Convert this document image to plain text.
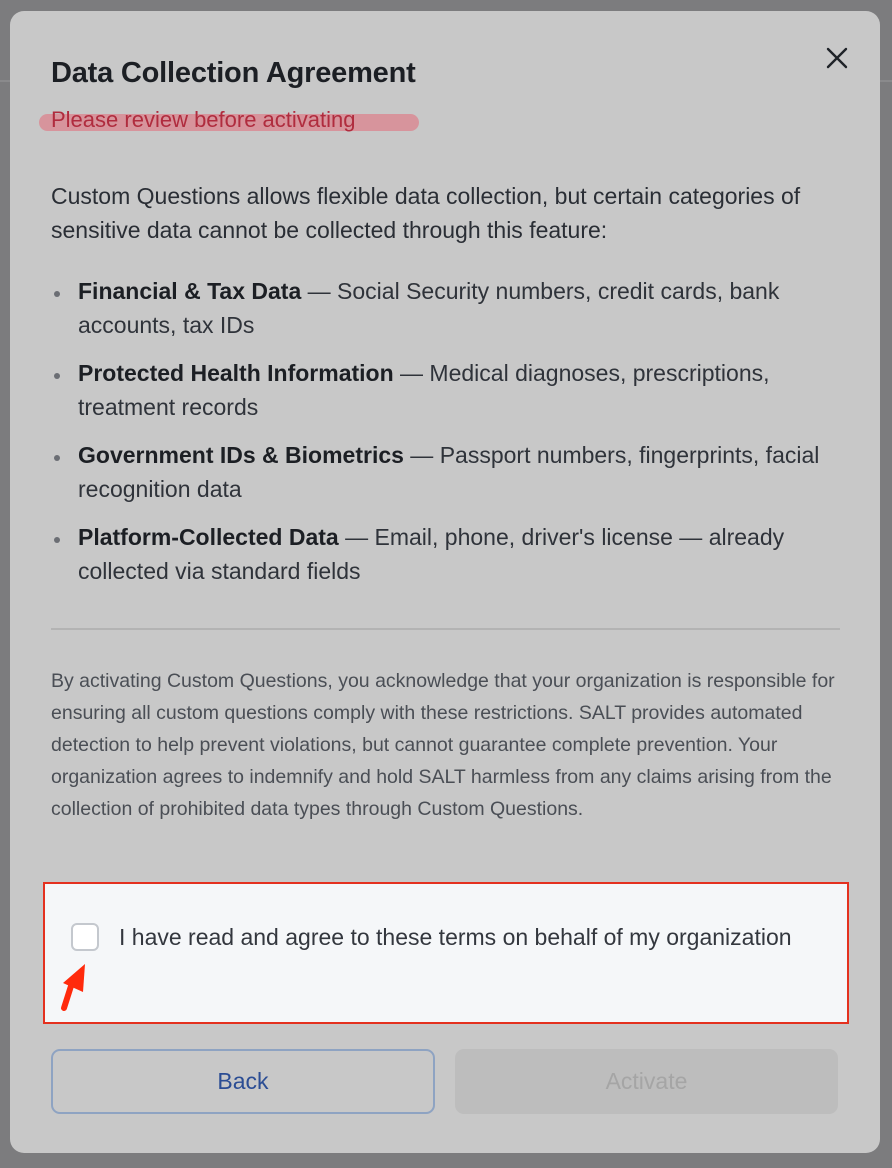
Data Collection Agreement
Please review before activating

Custom Questions allows flexible data collection, but certain categories of sensitive data cannot be collected through this feature:

Financial & Tax Data — Social Security numbers, credit cards, bank accounts, tax IDs
Protected Health Information — Medical diagnoses, prescriptions, treatment records
Government IDs & Biometrics — Passport numbers, fingerprints, facial recognition data
Platform-Collected Data — Email, phone, driver's license — already collected via standard fields

By activating Custom Questions, you acknowledge that your organization is responsible for ensuring all custom questions comply with these restrictions. SALT provides automated detection to help prevent violations, but cannot guarantee complete prevention. Your organization agrees to indemnify and hold SALT harmless from any claims arising from the collection of prohibited data types through Custom Questions.

I have read and agree to these terms on behalf of my organization
Back	Activate
